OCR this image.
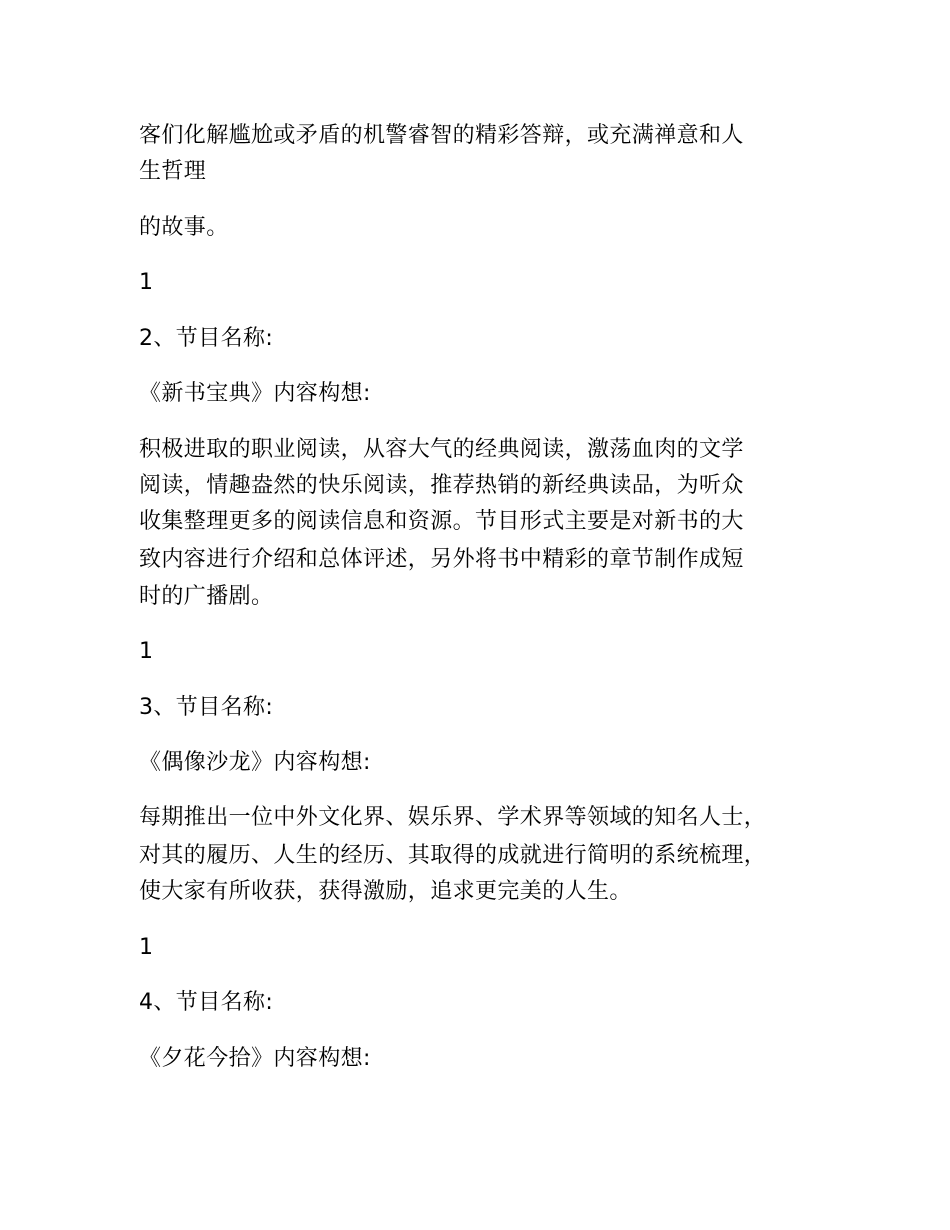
客们化解尴尬或矛盾的机警睿智的精彩答辩，或充满禅意和人
生哲理
的故事。
1
2、节目名称:
《新书宝典》内容构想:
积极进取的职业阅读，从容大气的经典阅读，激荡血肉的文学
阅读，情趣盎然的快乐阅读，推荐热销的新经典读品，为听众
收集整理更多的阅读信息和资源。节目形式主要是对新书的大
致内容进行介绍和总体评述，另外将书中精彩的章节制作成短
时的广播剧。
1
3、节目名称:
《偶像沙龙》内容构想:
每期推出一位中外文化界、娱乐界、学术界等领域的知名人士，
对其的履历、人生的经历、其取得的成就进行简明的系统梳理，
使大家有所收获，获得激励，追求更完美的人生。
1
4、节目名称:
《夕花今拾》内容构想:
